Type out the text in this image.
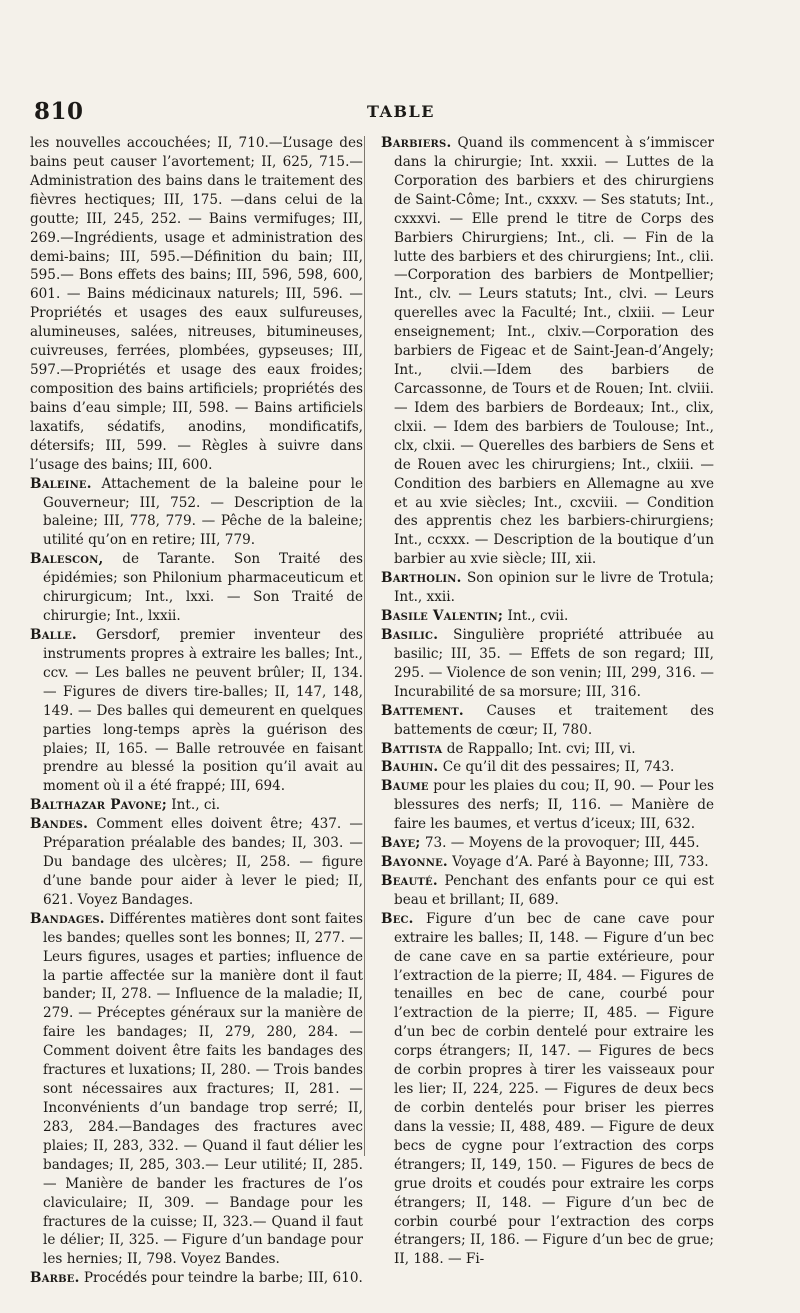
810	TABLE

les nouvelles accouchées; II, 710.—L’usage des bains peut causer l’avortement; II, 625, 715.—Administration des bains dans le traitement des fièvres hectiques; III, 175. —dans celui de la goutte; III, 245, 252. — Bains vermifuges; III, 269.—Ingrédients, usage et administration des demi-bains; III, 595.—Définition du bain; III, 595.— Bons effets des bains; III, 596, 598, 600, 601. — Bains médicinaux naturels; III, 596. — Propriétés et usages des eaux sulfureuses, alumineuses, salées, nitreuses, bitumineuses, cuivreuses, ferrées, plombées, gypseuses; III, 597.—Propriétés et usage des eaux froides; composition des bains artificiels; propriétés des bains d’eau simple; III, 598. — Bains artificiels laxatifs, sédatifs, anodins, mondificatifs, détersifs; III, 599. — Règles à suivre dans l’usage des bains; III, 600.

Baleine. Attachement de la baleine pour le Gouverneur; III, 752. — Description de la baleine; III, 778, 779. — Pêche de la baleine; utilité qu’on en retire; III, 779.

Balescon, de Tarante. Son Traité des épidémies; son Philonium pharmaceuticum et chirurgicum; Int., lxxi. — Son Traité de chirurgie; Int., lxxii.

Balle. Gersdorf, premier inventeur des instruments propres à extraire les balles; Int., ccv. — Les balles ne peuvent brûler; II, 134. — Figures de divers tire-balles; II, 147, 148, 149. — Des balles qui demeurent en quelques parties long-temps après la guérison des plaies; II, 165. — Balle retrouvée en faisant prendre au blessé la position qu’il avait au moment où il a été frappé; III, 694.

Balthazar Pavone; Int., ci.

Bandes. Comment elles doivent être; 437. — Préparation préalable des bandes; II, 303. — Du bandage des ulcères; II, 258. — figure d’une bande pour aider à lever le pied; II, 621. Voyez Bandages.

Bandages. Différentes matières dont sont faites les bandes; quelles sont les bonnes; II, 277. —Leurs figures, usages et parties; influence de la partie affectée sur la manière dont il faut bander; II, 278. — Influence de la maladie; II, 279. — Préceptes généraux sur la manière de faire les bandages; II, 279, 280, 284. — Comment doivent être faits les bandages des fractures et luxations; II, 280. — Trois bandes sont nécessaires aux fractures; II, 281. — Inconvénients d’un bandage trop serré; II, 283, 284.—Bandages des fractures avec plaies; II, 283, 332. — Quand il faut délier les bandages; II, 285, 303.— Leur utilité; II, 285. — Manière de bander les fractures de l’os claviculaire; II, 309. — Bandage pour les fractures de la cuisse; II, 323.— Quand il faut le délier; II, 325. — Figure d’un bandage pour les hernies; II, 798. Voyez Bandes.

Barbe. Procédés pour teindre la barbe; III, 610.

Barbiers. Quand ils commencent à s’immiscer dans la chirurgie; Int. xxxii. — Luttes de la Corporation des barbiers et des chirurgiens de Saint-Côme; Int., cxxxv. — Ses statuts; Int., cxxxvi. — Elle prend le titre de Corps des Barbiers Chirurgiens; Int., cli. — Fin de la lutte des barbiers et des chirurgiens; Int., clii.—Corporation des barbiers de Montpellier; Int., clv. — Leurs statuts; Int., clvi. — Leurs querelles avec la Faculté; Int., clxiii. — Leur enseignement; Int., clxiv.—Corporation des barbiers de Figeac et de Saint-Jean-d’Angely; Int., clvii.—Idem des barbiers de Carcassonne, de Tours et de Rouen; Int. clviii. — Idem des barbiers de Bordeaux; Int., clix, clxii. — Idem des barbiers de Toulouse; Int., clx, clxii. — Querelles des barbiers de Sens et de Rouen avec les chirurgiens; Int., clxiii. — Condition des barbiers en Allemagne au xve et au xvie siècles; Int., cxcviii. — Condition des apprentis chez les barbiers-chirurgiens; Int., ccxxx. — Description de la boutique d’un barbier au xvie siècle; III, xii.

Bartholin. Son opinion sur le livre de Trotula; Int., xxii.

Basile Valentin; Int., cvii.

Basilic. Singulière propriété attribuée au basilic; III, 35. — Effets de son regard; III, 295. — Violence de son venin; III, 299, 316. — Incurabilité de sa morsure; III, 316.

Battement. Causes et traitement des battements de cœur; II, 780.

Battista de Rappallo; Int. cvi; III, vi.

Bauhin. Ce qu’il dit des pessaires; II, 743.

Baume pour les plaies du cou; II, 90. — Pour les blessures des nerfs; II, 116. — Manière de faire les baumes, et vertus d’iceux; III, 632.

Baye; 73. — Moyens de la provoquer; III, 445.

Bayonne. Voyage d’A. Paré à Bayonne; III, 733.

Beauté. Penchant des enfants pour ce qui est beau et brillant; II, 689.

Bec. Figure d’un bec de cane cave pour extraire les balles; II, 148. — Figure d’un bec de cane cave en sa partie extérieure, pour l’extraction de la pierre; II, 484. — Figures de tenailles en bec de cane, courbé pour l’extraction de la pierre; II, 485. — Figure d’un bec de corbin dentelé pour extraire les corps étrangers; II, 147. — Figures de becs de corbin propres à tirer les vaisseaux pour les lier; II, 224, 225. — Figures de deux becs de corbin dentelés pour briser les pierres dans la vessie; II, 488, 489. — Figure de deux becs de cygne pour l’extraction des corps étrangers; II, 149, 150. — Figures de becs de grue droits et coudés pour extraire les corps étrangers; II, 148. — Figure d’un bec de corbin courbé pour l’extraction des corps étrangers; II, 186. — Figure d’un bec de grue; II, 188. — Fi-
